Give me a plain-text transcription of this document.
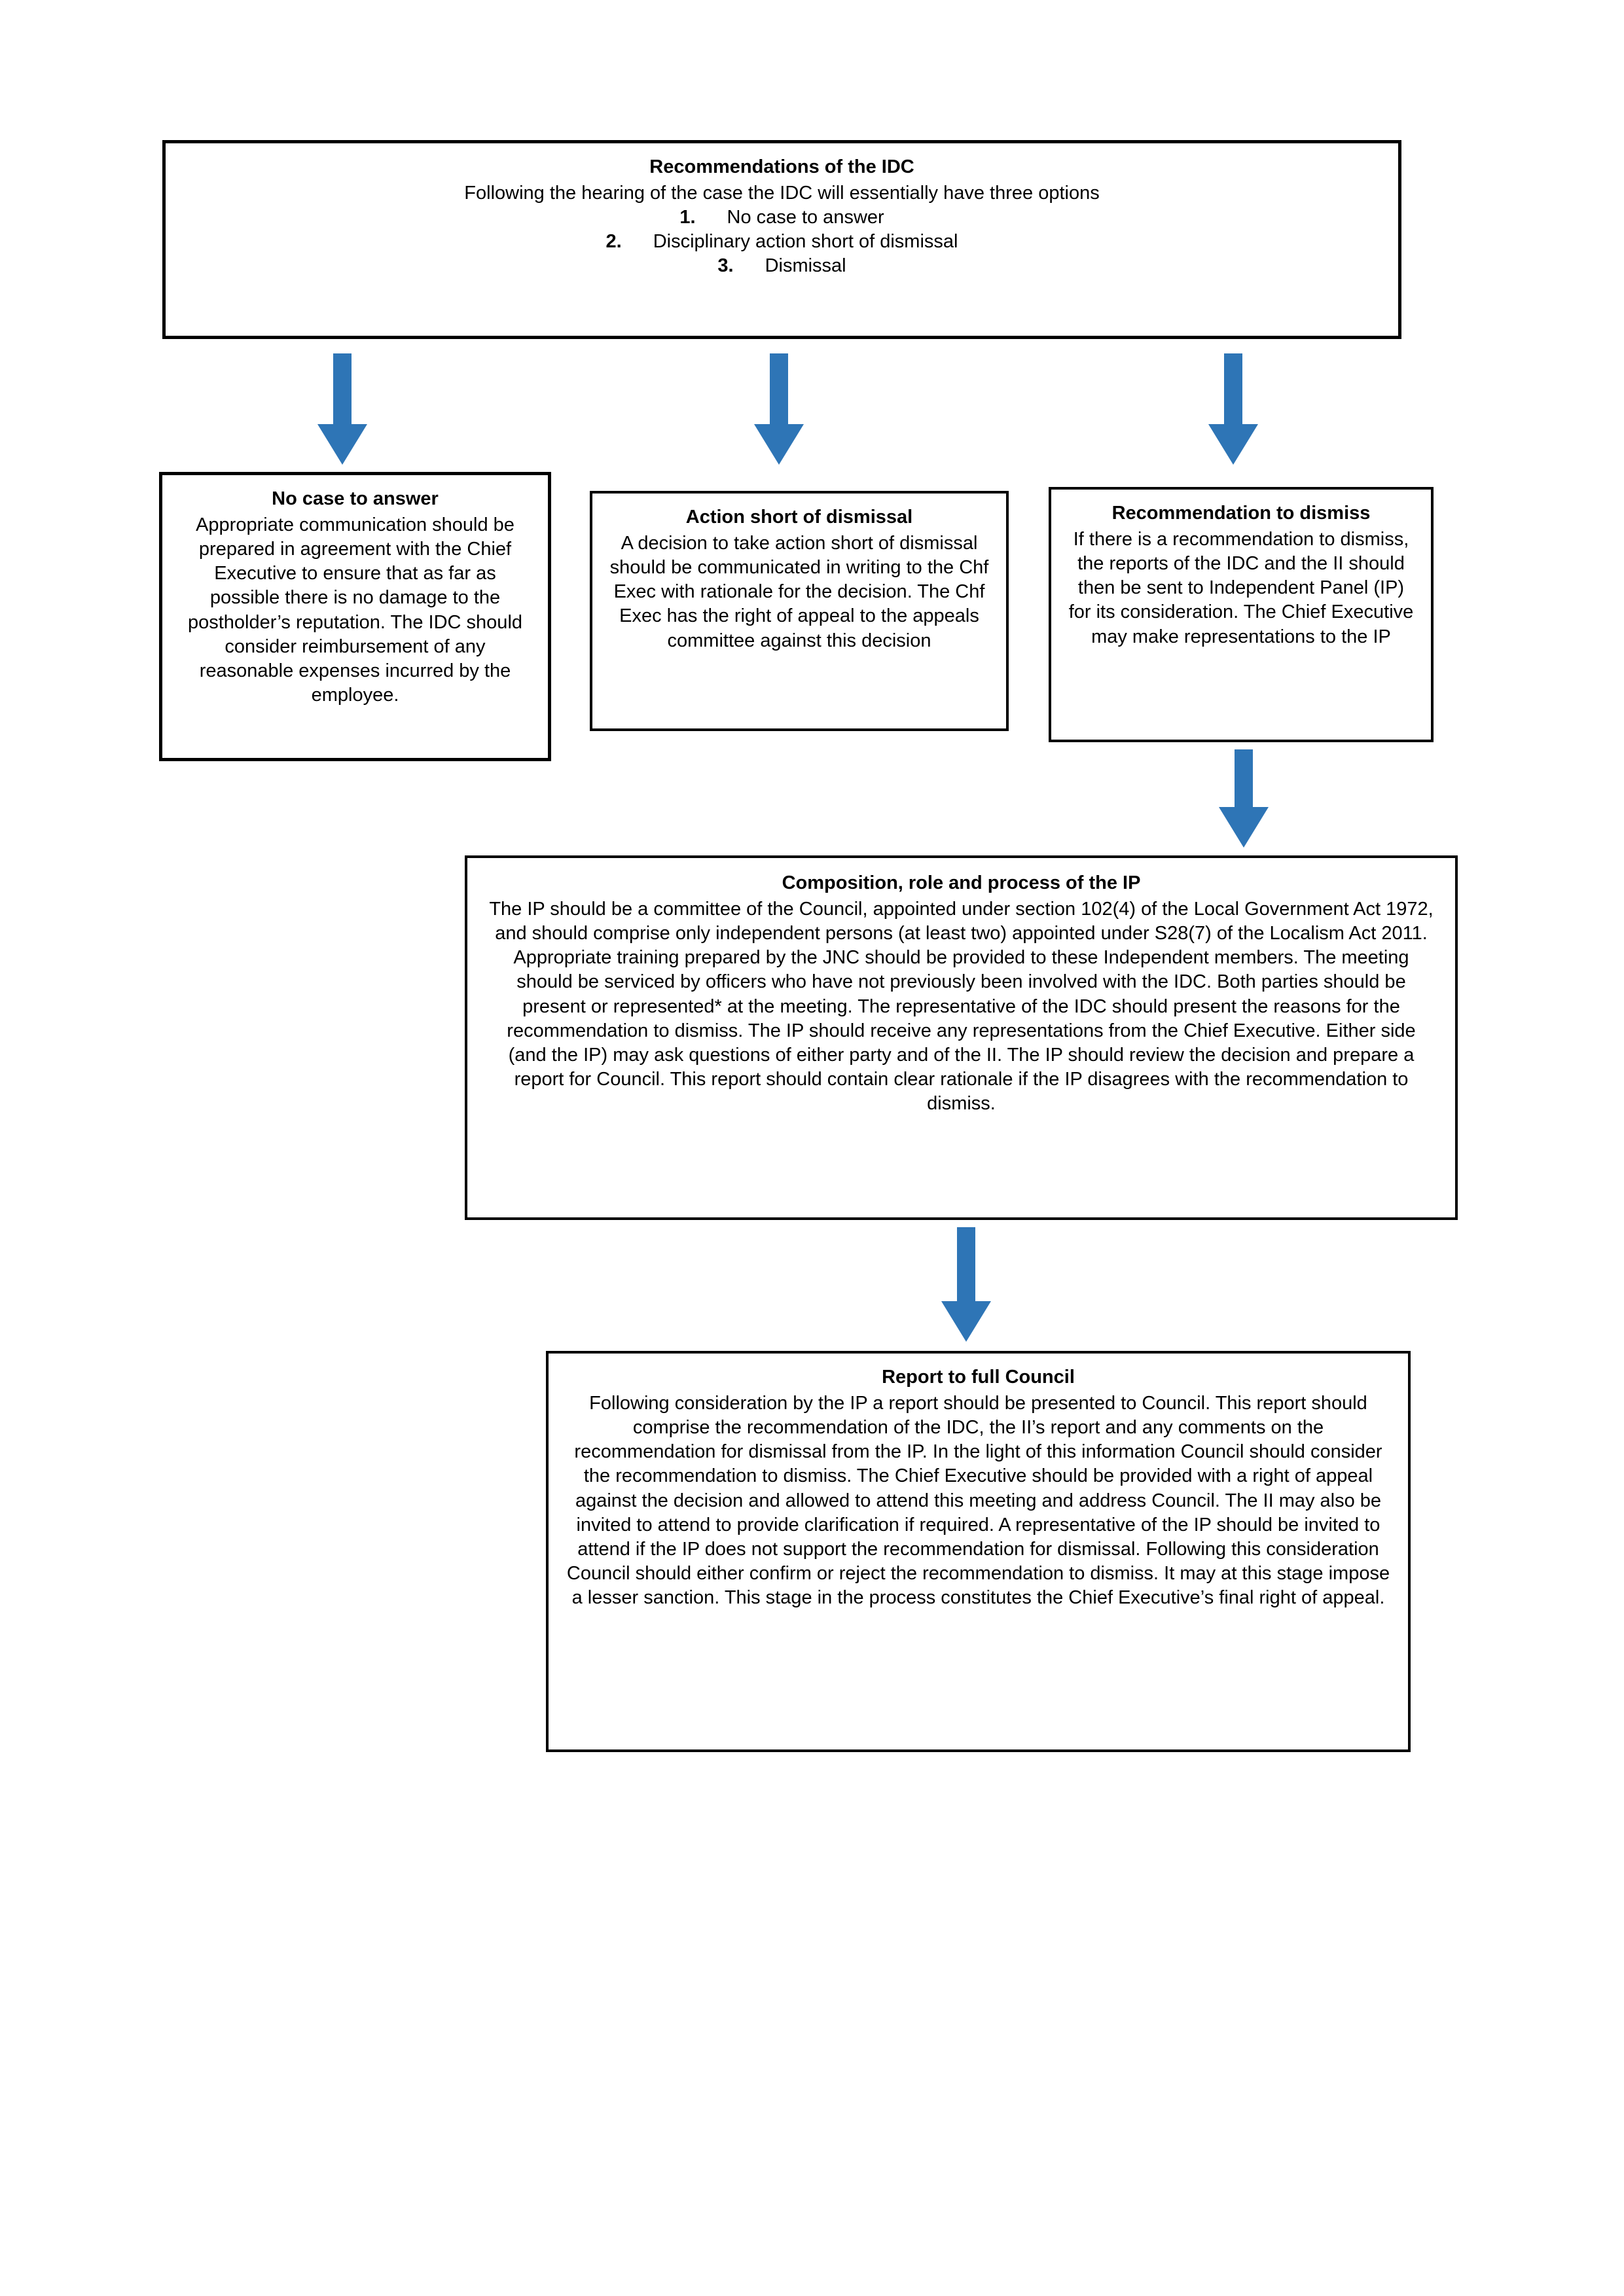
Recommendations of the IDC

Following the hearing of the case the IDC will essentially have three options

1. No case to answer
2. Disciplinary action short of dismissal
3. Dismissal
No case to answer

Appropriate communication should be prepared in agreement with the Chief Executive to ensure that as far as possible there is no damage to the postholder’s reputation. The IDC should consider reimbursement of any reasonable expenses incurred by the employee.

Action short of dismissal

A decision to take action short of dismissal should be communicated in writing to the Chf Exec with rationale for the decision. The Chf Exec has the right of appeal to the appeals committee against this decision

Recommendation to dismiss

If there is a recommendation to dismiss, the reports of the IDC and the II should then be sent to Independent Panel (IP) for its consideration. The Chief Executive may make representations to the IP

Composition, role and process of the IP

The IP should be a committee of the Council, appointed under section 102(4) of the Local Government Act 1972, and should comprise only independent persons (at least two) appointed under S28(7) of the Localism Act 2011. Appropriate training prepared by the JNC should be provided to these Independent members. The meeting should be serviced by officers who have not previously been involved with the IDC. Both parties should be present or represented* at the meeting. The representative of the IDC should present the reasons for the recommendation to dismiss. The IP should receive any representations from the Chief Executive. Either side (and the IP) may ask questions of either party and of the II. The IP should review the decision and prepare a report for Council. This report should contain clear rationale if the IP disagrees with the recommendation to dismiss.

Report to full Council

Following consideration by the IP a report should be presented to Council. This report should comprise the recommendation of the IDC, the II’s report and any comments on the recommendation for dismissal from the IP. In the light of this information Council should consider the recommendation to dismiss. The Chief Executive should be provided with a right of appeal against the decision and allowed to attend this meeting and address Council. The II may also be invited to attend to provide clarification if required. A representative of the IP should be invited to attend if the IP does not support the recommendation for dismissal. Following this consideration Council should either confirm or reject the recommendation to dismiss. It may at this stage impose a lesser sanction. This stage in the process constitutes the Chief Executive’s final right of appeal.
